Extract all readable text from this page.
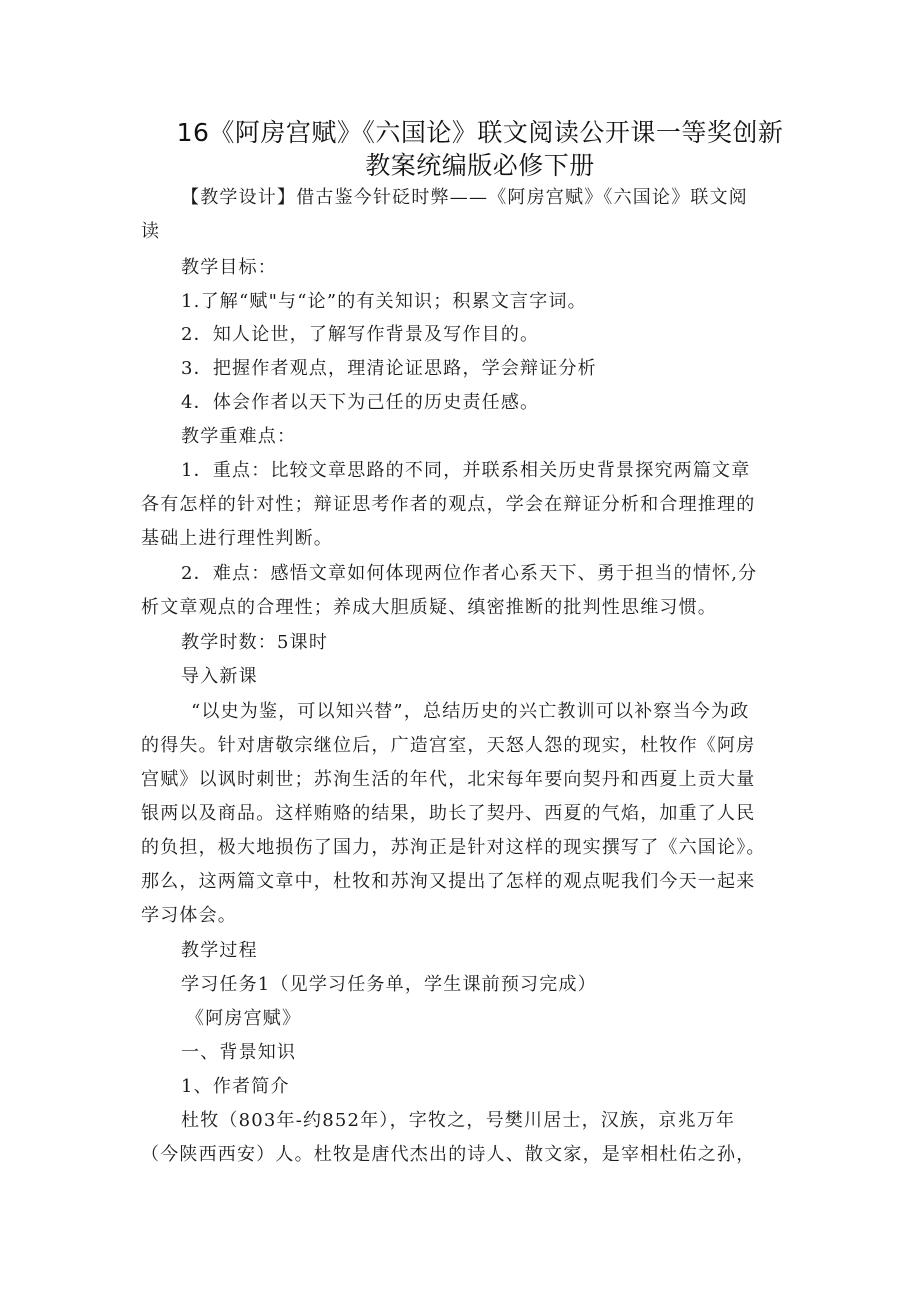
16《阿房宫赋》《六国论》联文阅读公开课一等奖创新
教案统编版必修下册

【教学设计】借古鉴今针砭时弊——《阿房宫赋》《六国论》联文阅

读

教学目标：

1.了解“赋"与“论”的有关知识；积累文言字词。

2．知人论世，了解写作背景及写作目的。

3．把握作者观点，理清论证思路，学会辩证分析

4．体会作者以天下为己任的历史责任感。

教学重难点：

1．重点：比较文章思路的不同，并联系相关历史背景探究两篇文章

各有怎样的针对性；辩证思考作者的观点，学会在辩证分析和合理推理的

基础上进行理性判断。

2．难点：感悟文章如何体现两位作者心系天下、勇于担当的情怀,分

析文章观点的合理性；养成大胆质疑、缜密推断的批判性思维习惯。

教学时数：5课时

导入新课

“以史为鉴，可以知兴替”，总结历史的兴亡教训可以补察当今为政

的得失。针对唐敬宗继位后，广造宫室，天怒人怨的现实，杜牧作《阿房

宫赋》以讽时刺世；苏洵生活的年代，北宋每年要向契丹和西夏上贡大量

银两以及商品。这样贿赂的结果，助长了契丹、西夏的气焰，加重了人民

的负担，极大地损伤了国力，苏洵正是针对这样的现实撰写了《六国论》。

那么，这两篇文章中，杜牧和苏洵又提出了怎样的观点呢我们今天一起来

学习体会。

教学过程

学习任务1（见学习任务单，学生课前预习完成）

《阿房宫赋》

一、背景知识

1、作者简介

杜牧（803年-约852年），字牧之，号樊川居士，汉族，京兆万年

（今陕西西安）人。杜牧是唐代杰出的诗人、散文家，是宰相杜佑之孙，
